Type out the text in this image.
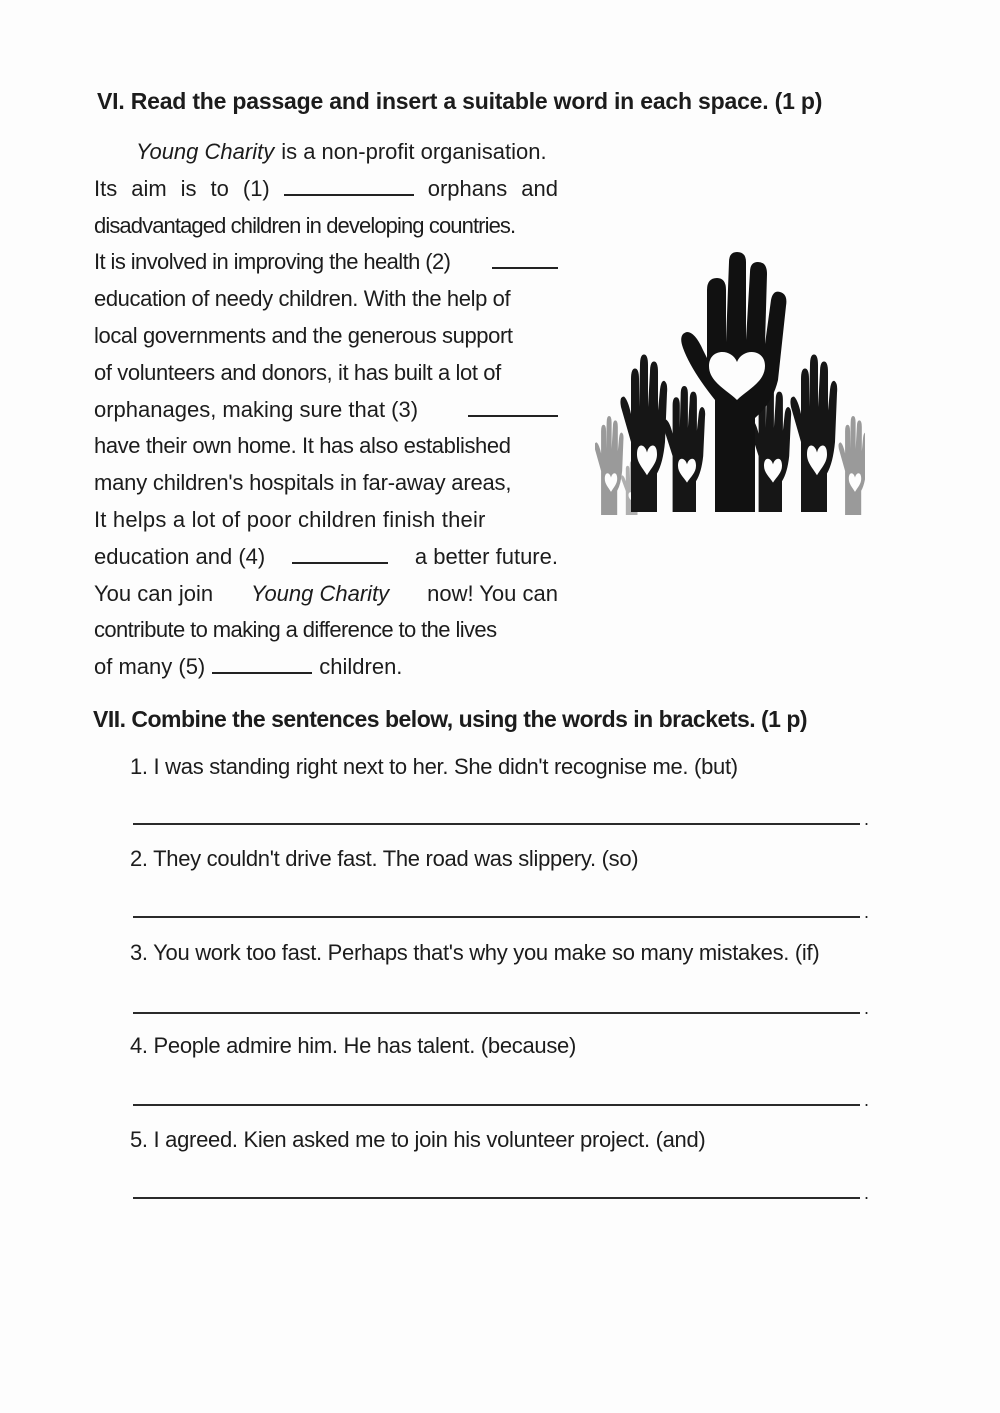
VI. Read the passage and insert a suitable word in each space. (1 p)
Young Charity is a non-profit organisation.
Its aim is to (1)	orphans and
disadvantaged children in developing countries.
It is involved in improving the health (2)
education of needy children. With the help of
local governments and the generous support
of volunteers and donors, it has built a lot of
orphanages, making sure that (3)
have their own home. It has also established
many children's hospitals in far-away areas,
It helps a lot of poor children finish their
education and (4)	a better future.
You can join Young Charity now! You can
contribute to making a difference to the lives
of many (5)	children.
VII. Combine the sentences below, using the words in brackets. (1 p)
1. I was standing right next to her. She didn't recognise me. (but)
.
2. They couldn't drive fast. The road was slippery. (so)
.
3. You work too fast. Perhaps that's why you make so many mistakes. (if)
.
4. People admire him. He has talent. (because)
.
5. I agreed. Kien asked me to join his volunteer project. (and)
.
